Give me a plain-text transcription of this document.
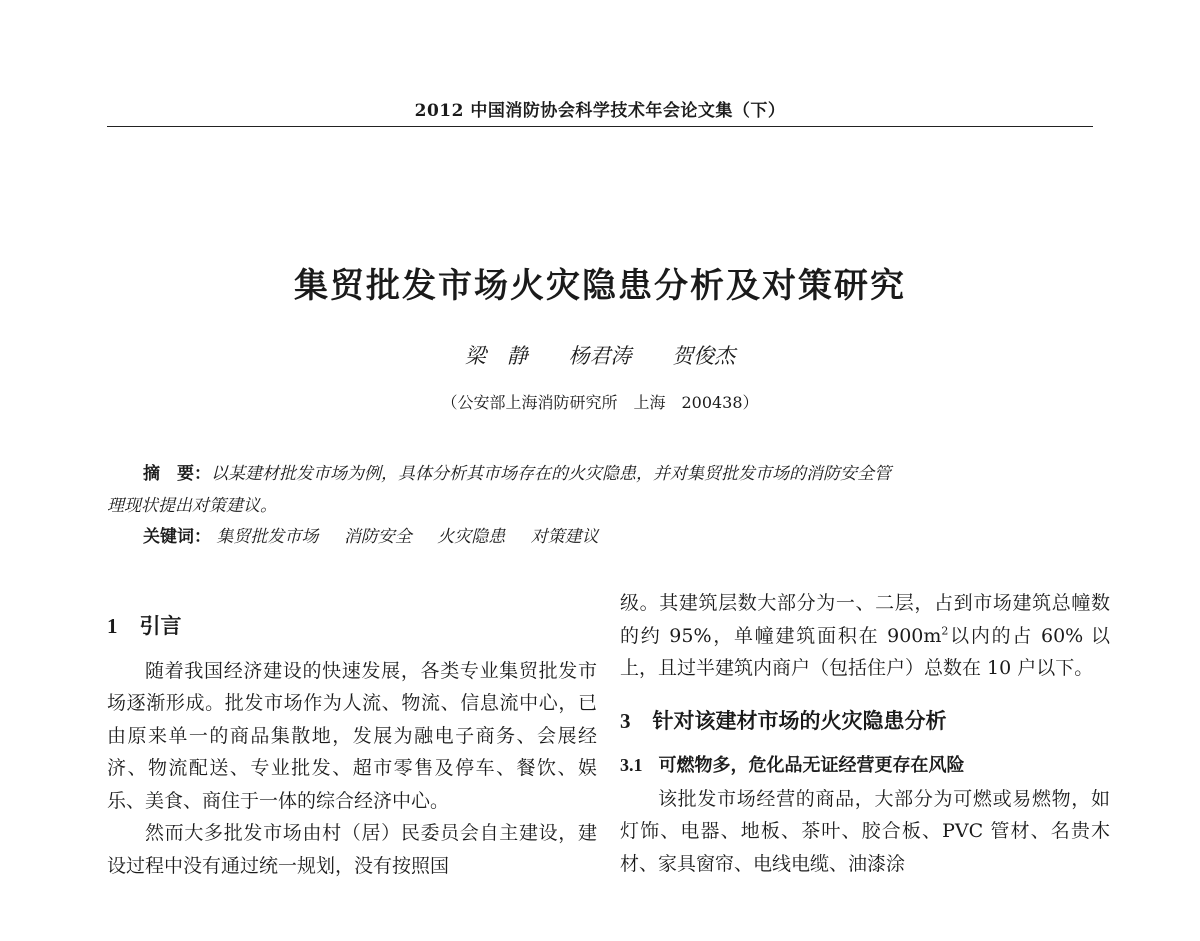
2012 中国消防协会科学技术年会论文集（下）
集贸批发市场火灾隐患分析及对策研究
梁　静 杨君涛 贺俊杰
（公安部上海消防研究所　上海　200438）
摘　要：以某建材批发市场为例，具体分析其市场存在的火灾隐患，并对集贸批发市场的消防安全管
理现状提出对策建议。
关键词： 集贸批发市场 消防安全 火灾隐患 对策建议
1 引言

随着我国经济建设的快速发展，各类专业集贸批发市场逐渐形成。批发市场作为人流、物流、信息流中心，已由原来单一的商品集散地，发展为融电子商务、会展经济、物流配送、专业批发、超市零售及停车、餐饮、娱乐、美食、商住于一体的综合经济中心。

然而大多批发市场由村（居）民委员会自主建设，建设过程中没有通过统一规划，没有按照国

级。其建筑层数大部分为一、二层，占到市场建筑总幢数的约 95%，单幢建筑面积在 $900m^2$以内的占 60% 以上，且过半建筑内商户（包括住户）总数在 10 户以下。

3 针对该建材市场的火灾隐患分析
3.1 可燃物多，危化品无证经营更存在风险

该批发市场经营的商品，大部分为可燃或易燃物，如灯饰、电器、地板、茶叶、胶合板、PVC 管材、名贵木材、家具窗帘、电线电缆、油漆涂
